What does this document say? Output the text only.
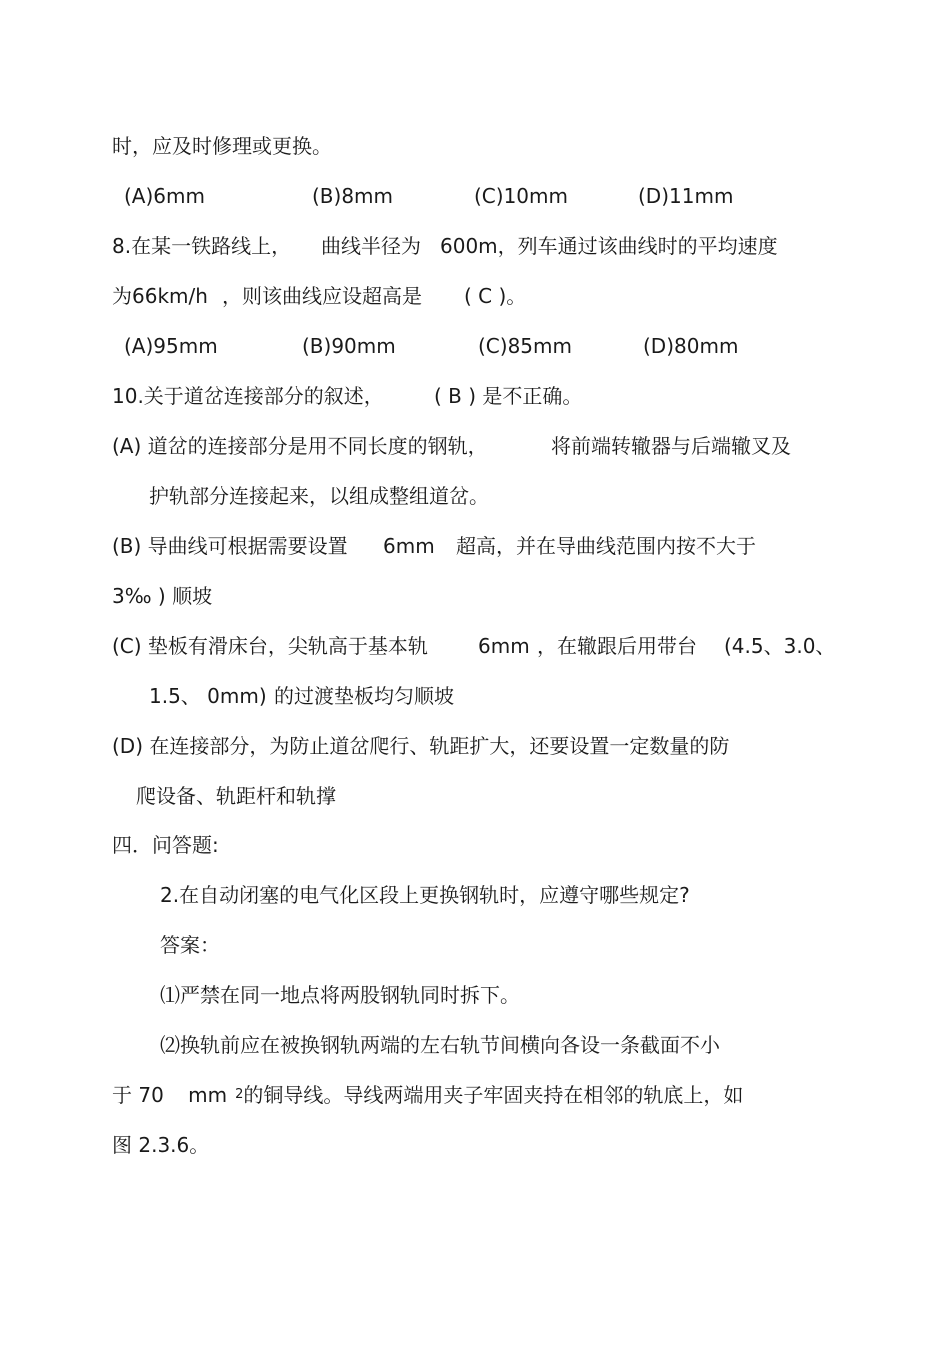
时，应及时修理或更换。
(A)6mm	(B)8mm	(C)10mm	(D)11mm
8.在某一铁路线上， 曲线半径为 600m，列车通过该曲线时的平均速度
为66km/h ，则该曲线应设超高是 ( C )。
(A)95mm	(B)90mm	(C)85mm	(D)80mm
10.关于道岔连接部分的叙述，	( B ) 是不正确。
(A) 道岔的连接部分是用不同长度的钢轨，	将前端转辙器与后端辙叉及
护轨部分连接起来，以组成整组道岔。
(B) 导曲线可根据需要设置 6mm 超高，并在导曲线范围内按不大于
3‰ ) 顺坡
(C) 垫板有滑床台，尖轨高于基本轨	6mm ，在辙跟后用带台 (4.5、3.0、
1.5、 0mm) 的过渡垫板均匀顺坡
(D) 在连接部分，为防止道岔爬行、轨距扩大，还要设置一定数量的防
爬设备、轨距杆和轨撑
四．问答题:
2.在自动闭塞的电气化区段上更换钢轨时，应遵守哪些规定?
答案：
⑴严禁在同一地点将两股钢轨同时拆下。
⑵换轨前应在被换钢轨两端的左右轨节间横向各设一条截面不小
于 70 mm $^2$的铜导线。导线两端用夹子牢固夹持在相邻的轨底上，如
图 2.3.6。
